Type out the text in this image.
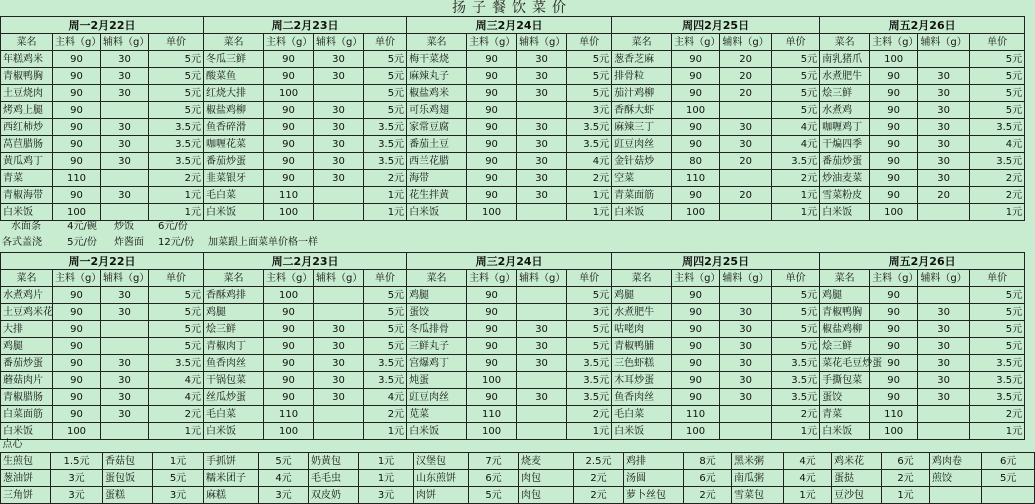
扬子餐饮菜价
周一2月22日				周二2月23日				周三2月24日				周四2月25日				周五2月26日			
菜名	主料（g）	辅料（g）	单价	菜名	主料（g）	辅料（g）	单价	菜名	主料（g）	辅料（g）	单价	菜名	主料（g）	辅料（g）	单价	菜名	主料（g）	辅料（g）	单价
年糕鸡米	90	30	5元	冬瓜三鲜	90	30	5元	梅干菜烧	90	30	5元	葱香芝麻	90	20	5元	南乳猪爪	100		5元
青椒鸭胸	90	30	5元	酸菜鱼	90	30	5元	麻辣丸子	90	30	5元	排骨粒	90	20	5元	水煮肥牛	90	30	5元
土豆烧肉	90	30	5元	红烧大排	100		5元	椒盐鸡米	90	30	5元	茄汁鸡柳	90	20	5元	烩三鲜	90	30	5元
烤鸡上腿	90		5元	椒盐鸡柳	90	30	5元	可乐鸡翅	90		3元	香酥大虾	100		5元	水煮鸡	90	30	5元
西红柿炒	90	30	3.5元	鱼香碎滑	90	30	3.5元	家常豆腐	90	30	3.5元	麻辣三丁	90	30	4元	咖喱鸡丁	90	30	3.5元
莴苣腊肠	90	30	3.5元	咖喱花菜	90	30	3.5元	番茄土豆	90	30	3.5元	豇豆肉丝	90	30	4元	干煸四季	90	30	4元
黄瓜鸡丁	90	30	3.5元	番茄炒蛋	90	30	3.5元	西兰花腊	90	30	4元	金针菇炒	80	20	3.5元	番茄炒蛋	90	30	3.5元
青菜	110		2元	韭菜银牙	90	30	2元	海带	90	30	2元	空菜	110		2元	炒油麦菜	90	30	2元
青椒海带	90	30	1元	毛白菜	110		1元	花生拌黄	90	30	1元	青菜面筋	90	20	1元	雪菜粉皮	90	20	2元
白米饭	100		1元	白米饭	100		1元	白米饭	100		1元	白米饭	100		1元	白米饭	100		1元
水面条	4元/碗	炒饭	6元/份	
各式盖浇	5元/份	炸酱面	12元/份	加菜跟上面菜单价格一样
周一2月22日				周二2月23日				周三2月24日				周四2月25日				周五2月26日			
菜名	主料（g）	辅料（g）	单价	菜名	主料（g）	辅料（g）	单价	菜名	主料（g）	辅料（g）	单价	菜名	主料（g）	辅料（g）	单价	菜名	主料（g）	辅料（g）	单价
水煮鸡片	90	30	5元	香酥鸡排	100		5元	鸡腿	90		5元	鸡腿	90		5元	鸡腿	90		5元
土豆鸡米花	90	30	5元	鸡腿	90		5元	蛋饺	90		3元	水煮肥牛	90	30	5元	青椒鸭胸	90	30	5元
大排	90		5元	烩三鲜	90	30	5元	冬瓜排骨	90	30	5元	咕咾肉	90	30	5元	椒盐鸡柳	90	30	5元
鸡腿	90		5元	青椒肉丁	90	30	5元	三鲜丸子	90	30	5元	青椒鸭脯	90	30	5元	烩三鲜	90	30	5元
番茄炒蛋	90	30	3.5元	鱼香肉丝	90	30	3.5元	宫爆鸡丁	90	30	3.5元	三色虾糕	90	30	3.5元	菜花毛豆炒蛋	90	30	3.5元
蘑菇肉片	90	30	4元	干锅包菜	90	30	3.5元	炖蛋	100		3.5元	木耳炒蛋	90	30	3.5元	手撕包菜	90	30	3.5元
青椒腊肠	90	30	4元	丝瓜炒蛋	90	30	4元	豇豆肉丝	90	30	3.5元	鱼香肉丝	90	30	3.5元	蛋饺	90	30	3.5元
白菜面筋	90	30	2元	毛白菜	110		2元	苋菜	110		2元	毛白菜	110		2元	青菜	110		2元
白米饭	100		1元	白米饭	100		1元	白米饭	100		1元	白米饭	100		1元	白米饭	100		1元
点心																			
生煎包	1.5元	香菇包	1元	手抓饼	5元	奶黄包	1元	汉堡包	7元	烧麦	2.5元	鸡排	8元	黑米粥	4元	鸡米花	6元	鸡肉卷	6元
葱油饼	3元	蛋包饭	5元	糯米团子	4元	毛毛虫	1元	山东煎饼	6元	肉包	2元	汤圆	6元	南瓜粥	4元	蛋挞	2元	煎饺	5元
三角饼	3元	蛋糕	3元	麻糕	3元	双皮奶	3元	肉饼	5元	肉包	2元	萝卜丝包	2元	雪菜包	1元	豆沙包	1元		
